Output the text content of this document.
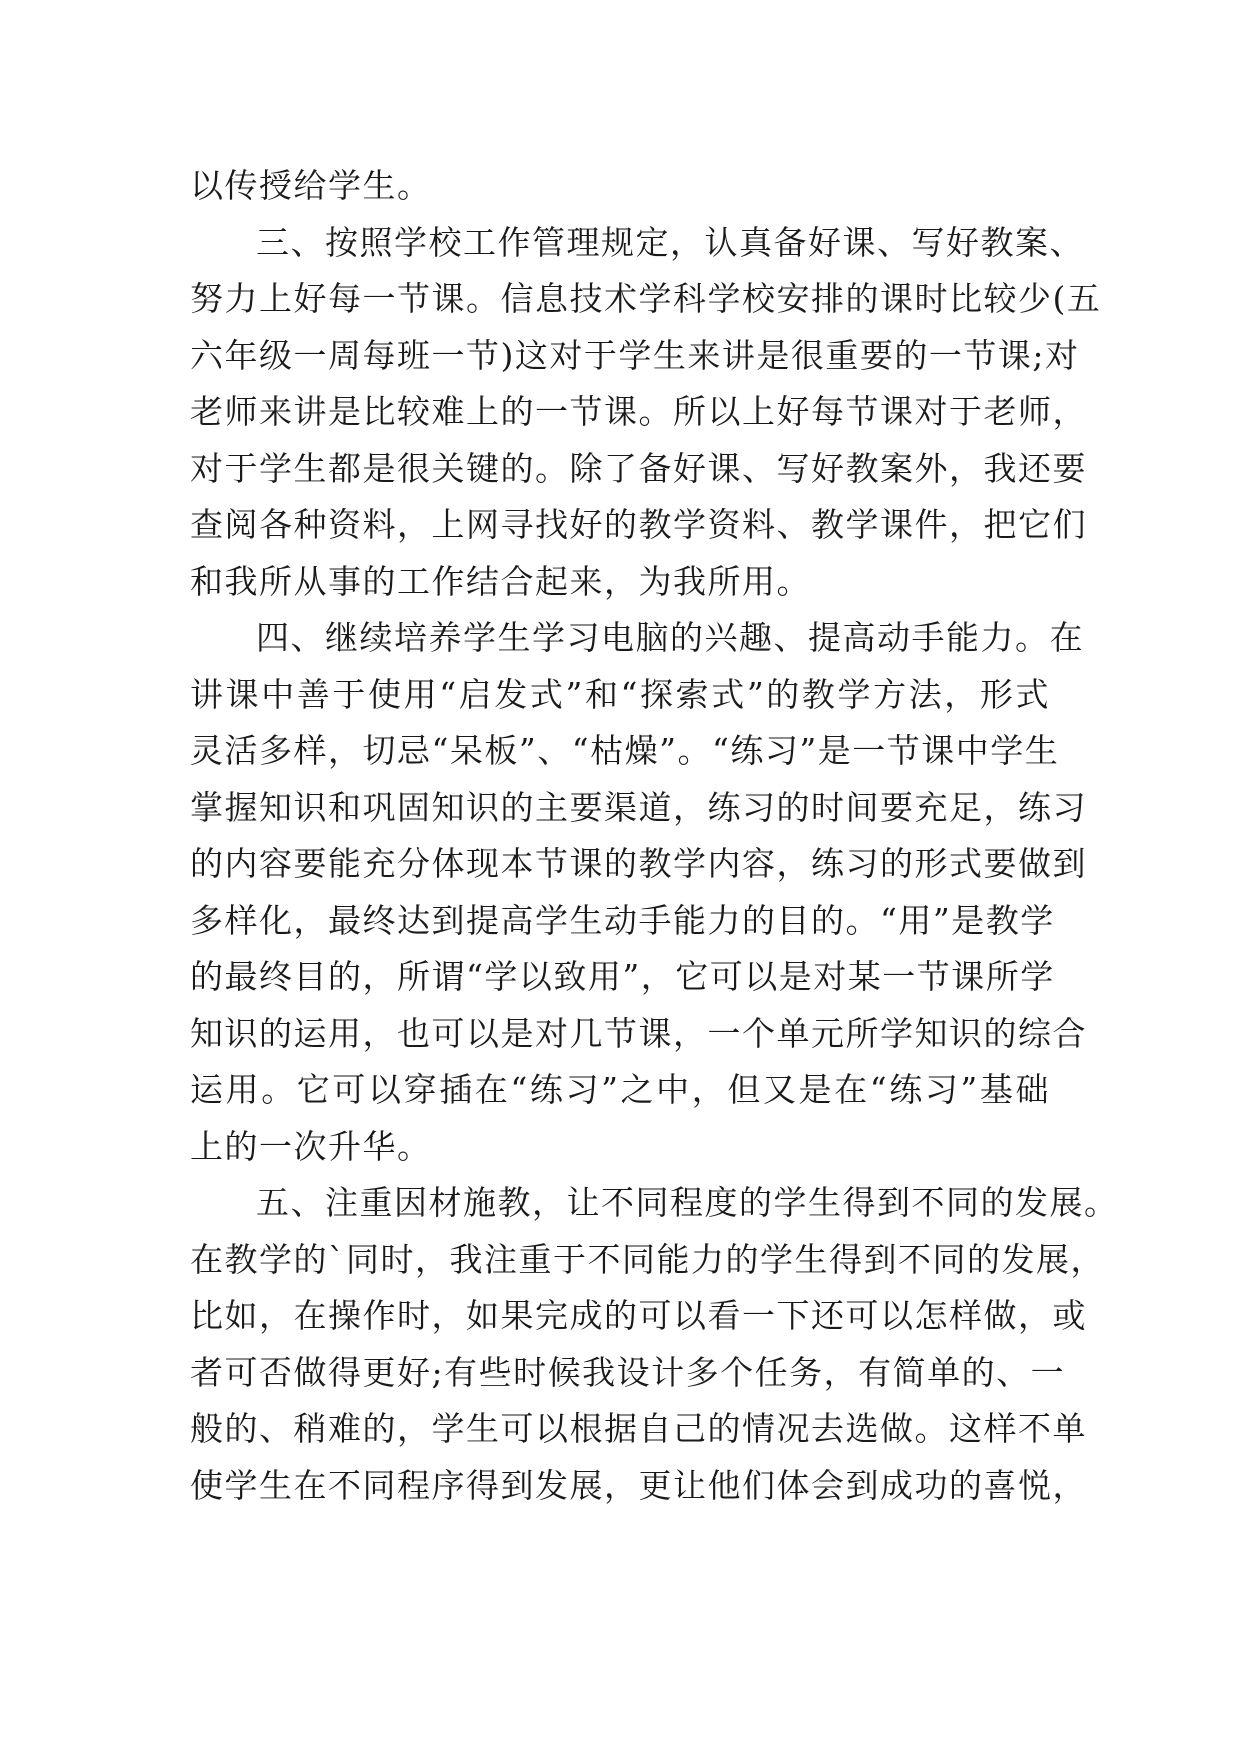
以传授给学生。
三、按照学校工作管理规定，认真备好课、写好教案、
努力上好每一节课。信息技术学科学校安排的课时比较少(五
六年级一周每班一节)这对于学生来讲是很重要的一节课;对
老师来讲是比较难上的一节课。所以上好每节课对于老师，
对于学生都是很关键的。除了备好课、写好教案外，我还要
查阅各种资料，上网寻找好的教学资料、教学课件，把它们
和我所从事的工作结合起来，为我所用。
四、继续培养学生学习电脑的兴趣、提高动手能力。在
讲课中善于使用“启发式”和“探索式”的教学方法，形式
灵活多样，切忌“呆板”、“枯燥”。“练习”是一节课中学生
掌握知识和巩固知识的主要渠道，练习的时间要充足，练习
的内容要能充分体现本节课的教学内容，练习的形式要做到
多样化，最终达到提高学生动手能力的目的。“用”是教学
的最终目的，所谓“学以致用”，它可以是对某一节课所学
知识的运用，也可以是对几节课，一个单元所学知识的综合
运用。它可以穿插在“练习”之中，但又是在“练习”基础
上的一次升华。
五、注重因材施教，让不同程度的学生得到不同的发展。
在教学的`同时，我注重于不同能力的学生得到不同的发展，
比如，在操作时，如果完成的可以看一下还可以怎样做，或
者可否做得更好;有些时候我设计多个任务，有简单的、一
般的、稍难的，学生可以根据自己的情况去选做。这样不单
使学生在不同程序得到发展，更让他们体会到成功的喜悦，
